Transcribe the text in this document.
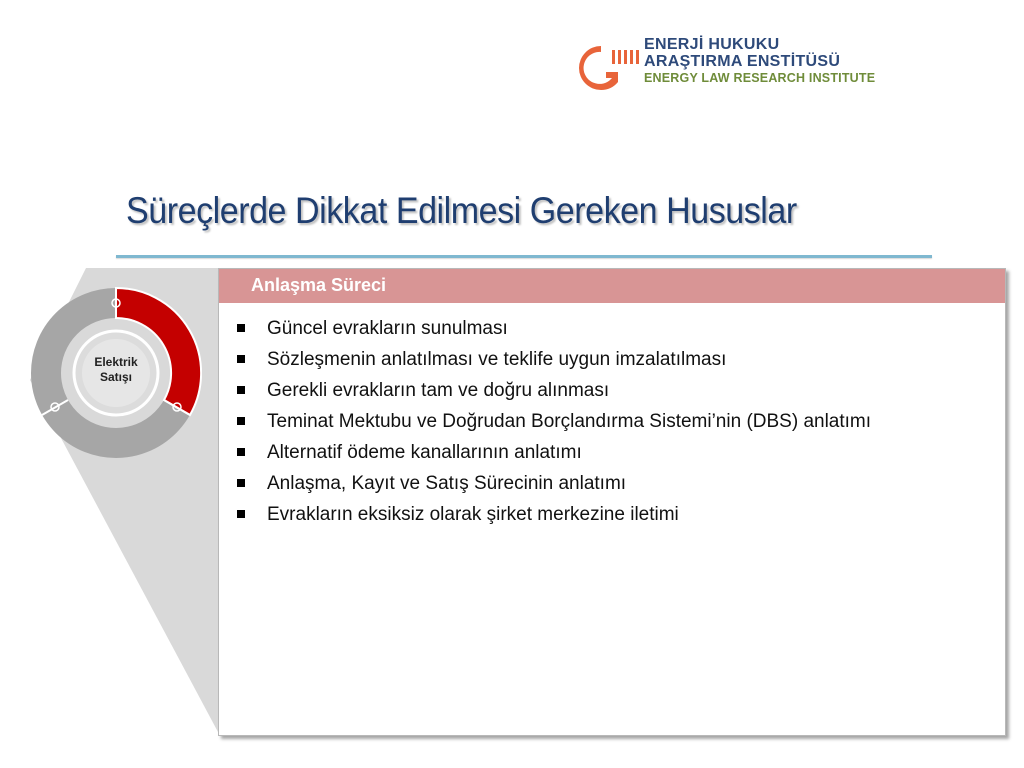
ENERJİ HUKUKU
ARAŞTIRMA ENSTİTÜSÜ
ENERGY LAW RESEARCH INSTITUTE
Süreçlerde Dikkat Edilmesi Gereken Hususlar
Elektrik
Satışı
Anlaşma Süreci
Güncel evrakların sunulması
Sözleşmenin anlatılması ve teklife uygun imzalatılması
Gerekli evrakların tam ve doğru alınması
Teminat Mektubu ve Doğrudan Borçlandırma Sistemi’nin (DBS) anlatımı
Alternatif ödeme kanallarının anlatımı
Anlaşma, Kayıt ve Satış Sürecinin anlatımı
Evrakların eksiksiz olarak şirket merkezine iletimi
